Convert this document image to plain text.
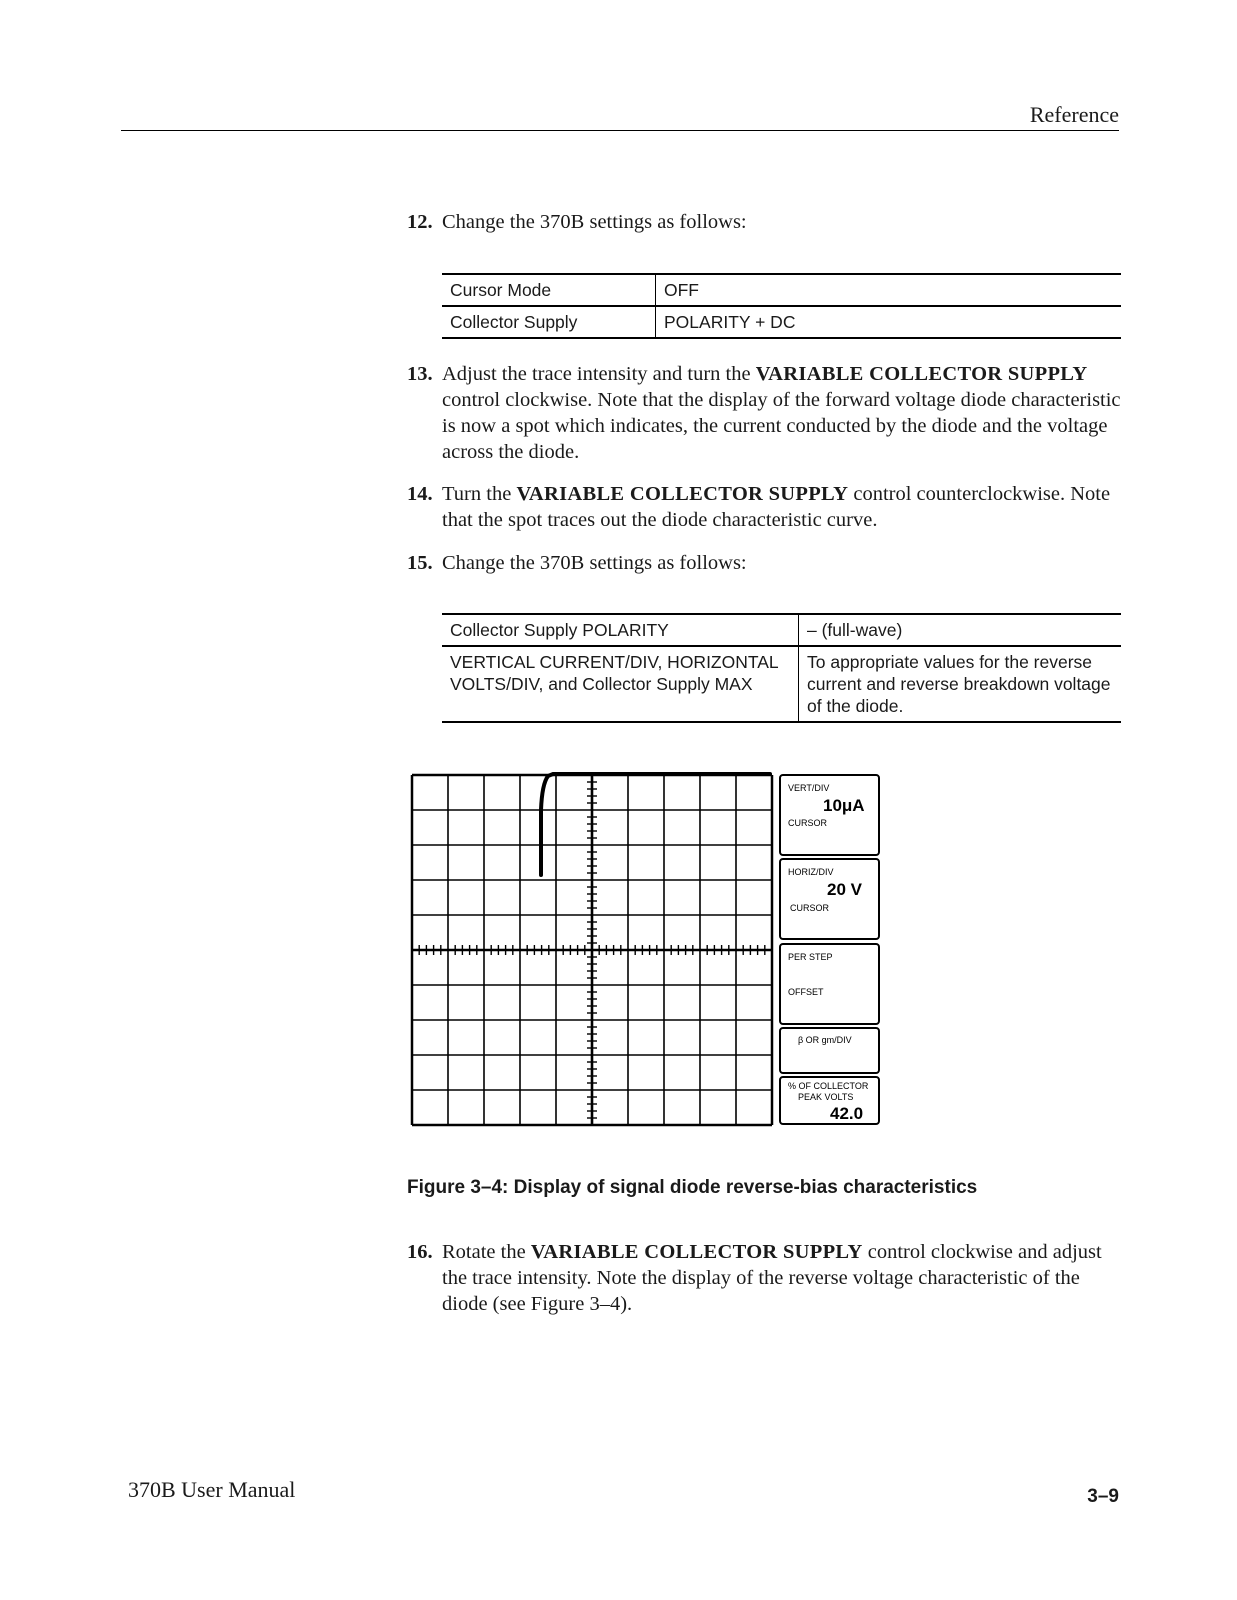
Reference
12. Change the 370B settings as follows:
Cursor Mode	OFF
Collector Supply	POLARITY + DC
13. Adjust the trace intensity and turn the VARIABLE COLLECTOR SUPPLY control clockwise. Note that the display of the forward voltage diode characteristic is now a spot which indicates, the current conducted by the diode and the voltage across the diode.
14. Turn the VARIABLE COLLECTOR SUPPLY control counterclockwise. Note that the spot traces out the diode characteristic curve.
15. Change the 370B settings as follows:
Collector Supply POLARITY	– (full-wave)
VERTICAL CURRENT/DIV, HORIZONTAL VOLTS/DIV, and Collector Supply MAX	To appropriate values for the reverse current and reverse breakdown voltage of the diode.
VERT/DIV
10μA
CURSOR
HORIZ/DIV
20 V
CURSOR
PER STEP
OFFSET
β OR gm/DIV
% OF COLLECTOR
PEAK VOLTS
42.0
Figure 3–4: Display of signal diode reverse-bias characteristics
16. Rotate the VARIABLE COLLECTOR SUPPLY control clockwise and adjust the trace intensity. Note the display of the reverse voltage characteristic of the diode (see Figure 3–4).
370B User Manual	3–9
